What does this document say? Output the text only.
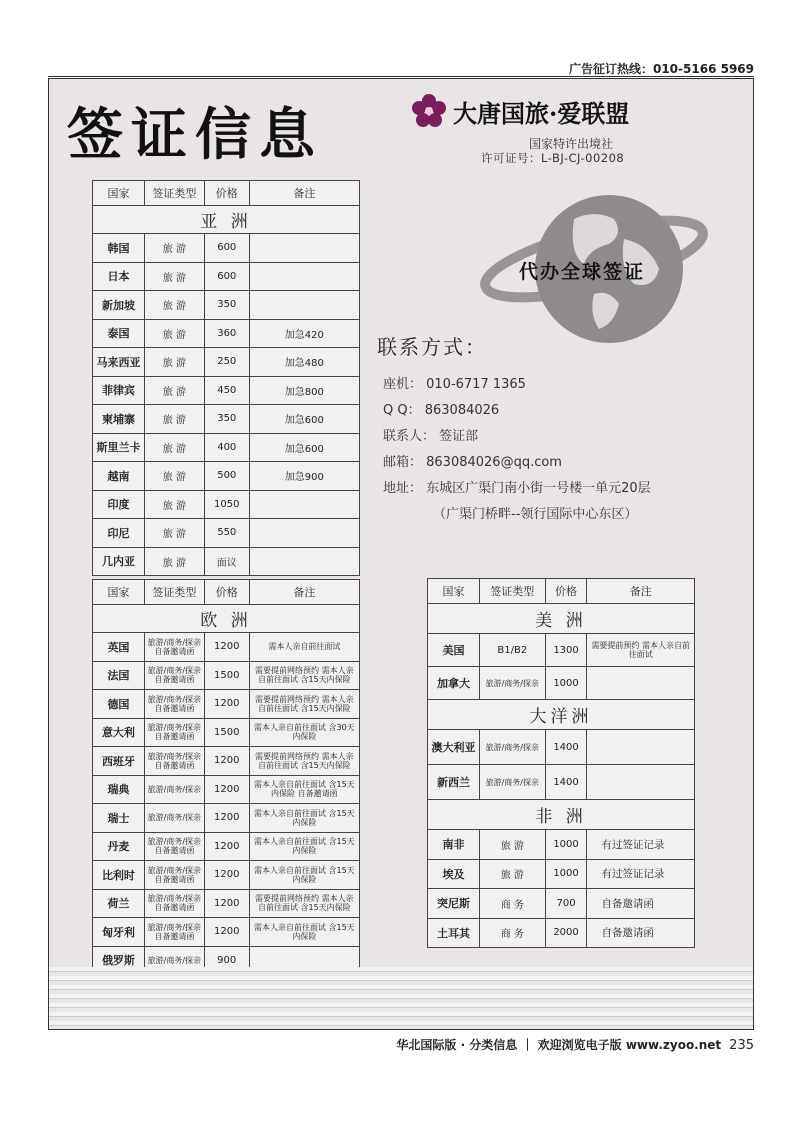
广告征订热线：010-5166 5969
签证信息	大唐国旅·爱联盟
国家特许出境社
许可证号：L-BJ-CJ-00208
代办全球签证
联系方式：
座机： 010-6717 1365
Q Q： 863084026
联系人： 签证部
邮箱： 863084026@qq.com
地址： 东城区广渠门南小街一号楼一单元20层
（广渠门桥畔--领行国际中心东区）
国家	签证类型	价格	备注
亚 洲			
韩国	旅 游	600	
日本	旅 游	600	
新加坡	旅 游	350	
泰国	旅 游	360	加急420
马来西亚	旅 游	250	加急480
菲律宾	旅 游	450	加急800
柬埔寨	旅 游	350	加急600
斯里兰卡	旅 游	400	加急600
越南	旅 游	500	加急900
印度	旅 游	1050	
印尼	旅 游	550	
几内亚	旅 游	面议	
国家	签证类型	价格	备注
欧 洲			
英国	旅游/商务/探亲 自备邀请函	1200	需本人亲自前往面试
法国	旅游/商务/探亲 自备邀请函	1500	需要提前网络预约 需本人亲自前往面试 含15天内保险
德国	旅游/商务/探亲 自备邀请函	1200	需要提前网络预约 需本人亲自前往面试 含15天内保险
意大利	旅游/商务/探亲 自备邀请函	1500	需本人亲自前往面试 含30天内保险
西班牙	旅游/商务/探亲 自备邀请函	1200	需要提前网络预约 需本人亲自前往面试 含15天内保险
瑞典	旅游/商务/探亲	1200	需本人亲自前往面试 含15天内保险 自备邀请函
瑞士	旅游/商务/探亲	1200	需本人亲自前往面试 含15天内保险
丹麦	旅游/商务/探亲 自备邀请函	1200	需本人亲自前往面试 含15天内保险
比利时	旅游/商务/探亲 自备邀请函	1200	需本人亲自前往面试 含15天内保险
荷兰	旅游/商务/探亲 自备邀请函	1200	需要提前网络预约 需本人亲自前往面试 含15天内保险
匈牙利	旅游/商务/探亲 自备邀请函	1200	需本人亲自前往面试 含15天内保险
俄罗斯	旅游/商务/探亲	900	
国家	签证类型	价格	备注
美 洲			
美国	B1/B2	1300	需要提前预约 需本人亲自前往面试
加拿大	旅游/商务/探亲	1000	
大洋洲			
澳大利亚	旅游/商务/探亲	1400	
新西兰	旅游/商务/探亲	1400	
非 洲			
南非	旅 游	1000	有过签证记录
埃及	旅 游	1000	有过签证记录
突尼斯	商 务	700	自备邀请函
土耳其	商 务	2000	自备邀请函
华北国际版 · 分类信息 ｜ 欢迎浏览电子版 www.zyoo.net 235
